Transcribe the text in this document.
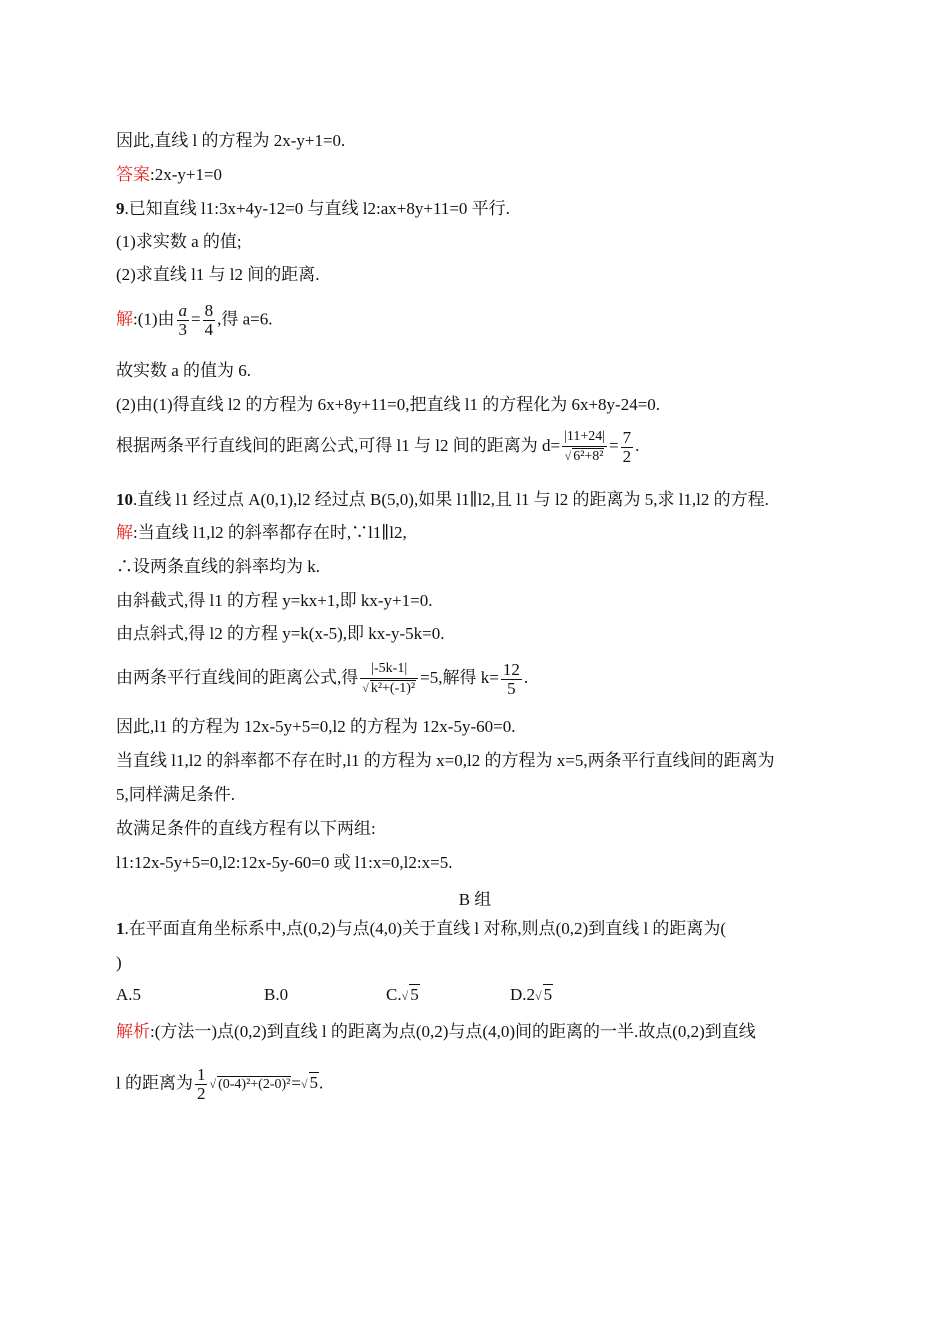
因此,直线 l 的方程为 2x-y+1=0.
答案:2x-y+1=0
9.已知直线 l1:3x+4y-12=0 与直线 l2:ax+8y+11=0 平行.
(1)求实数 a 的值;
(2)求直线 l1 与 l2 间的距离.
解:(1)由 $\frac{a}{3} = \frac{8}{4}$ ,得 a=6.
故实数 a 的值为 6.
(2)由(1)得直线 l2 的方程为 6x+8y+11=0,把直线 l1 的方程化为 6x+8y-24=0.
根据两条平行直线间的距离公式,可得 l1 与 l2 间的距离为 $d= \frac{|11+24|}{\text{√ 6²+8²}} = \frac{7}{2}$ .
10.直线 l1 经过点 A(0,1),l2 经过点 B(5,0),如果 l1∥l2,且 l1 与 l2 的距离为 5,求 l1,l2 的方程.
解:当直线 l1,l2 的斜率都存在时,∵l1∥l2,
∴设两条直线的斜率均为 k.
由斜截式,得 l1 的方程 y=kx+1,即 kx-y+1=0.
由点斜式,得 l2 的方程 y=k(x-5),即 kx-y-5k=0.
由两条平行直线间的距离公式,得 $\frac{|-5k-1|}{\text{√ k²+(-1)²}} =5$,解得 $k= \frac{12}{5}$ .
因此,l1 的方程为 12x-5y+5=0,l2 的方程为 12x-5y-60=0.
当直线 l1,l2 的斜率都不存在时,l1 的方程为 x=0,l2 的方程为 x=5,两条平行直线间的距离为
5,同样满足条件.
故满足条件的直线方程有以下两组:
l1:12x-5y+5=0,l2:12x-5y-60=0 或 l1:x=0,l2:x=5.
B 组
1.在平面直角坐标系中,点(0,2)与点(4,0)关于直线 l 对称,则点(0,2)到直线 l 的距离为(
)
A.5	B.0	C.√ 5	D.2√ 5
解析:(方法一)点(0,2)到直线 l 的距离为点(0,2)与点(4,0)间的距离的一半.故点(0,2)到直线
l 的距离为 $\frac{1}{2}$ √ (0-4)²+(2-0)²=√ 5.
